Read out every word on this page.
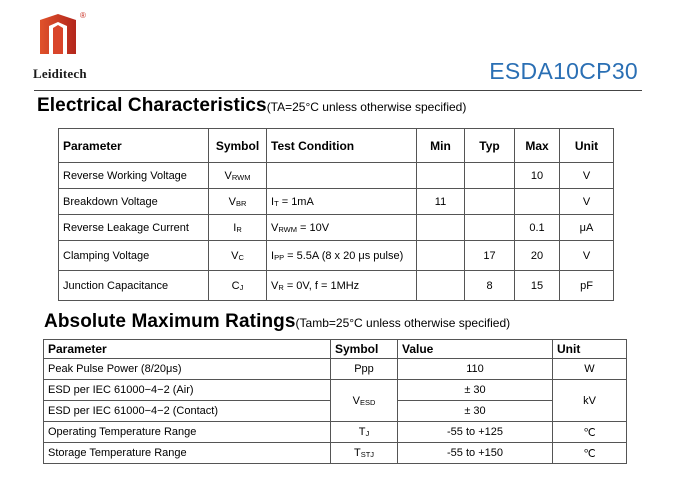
®
Leiditech	ESDA10CP30
Electrical Characteristics(TA=25°C unless otherwise specified)
Parameter	Symbol	Test Condition	Min	Typ	Max	Unit
Reverse Working Voltage	$V_{RWM}$				10	V
Breakdown Voltage	$V_{BR}$	$I_T = 1mA$	11			V
Reverse Leakage Current	$I_R$	$V_{RWM} = 10V$			0.1	μA
Clamping Voltage	$V_C$	$I_{PP} = 5.5A$ (8 x 20 μs pulse)		17	20	V
Junction Capacitance	$C_J$	$V_R = 0V$, f = 1MHz		8	15	pF
Absolute Maximum Ratings(Tamb=25°C unless otherwise specified)
Parameter	Symbol	Value	Unit
Peak Pulse Power (8/20μs)	Ppp	110	W
ESD per IEC 61000−4−2 (Air)	$V_{ESD}$	± 30	kV
ESD per IEC 61000−4−2 (Contact)		± 30	
Operating Temperature Range	$T_J$	-55 to +125	℃
Storage Temperature Range	$T_{STJ}$	-55 to +150	℃
